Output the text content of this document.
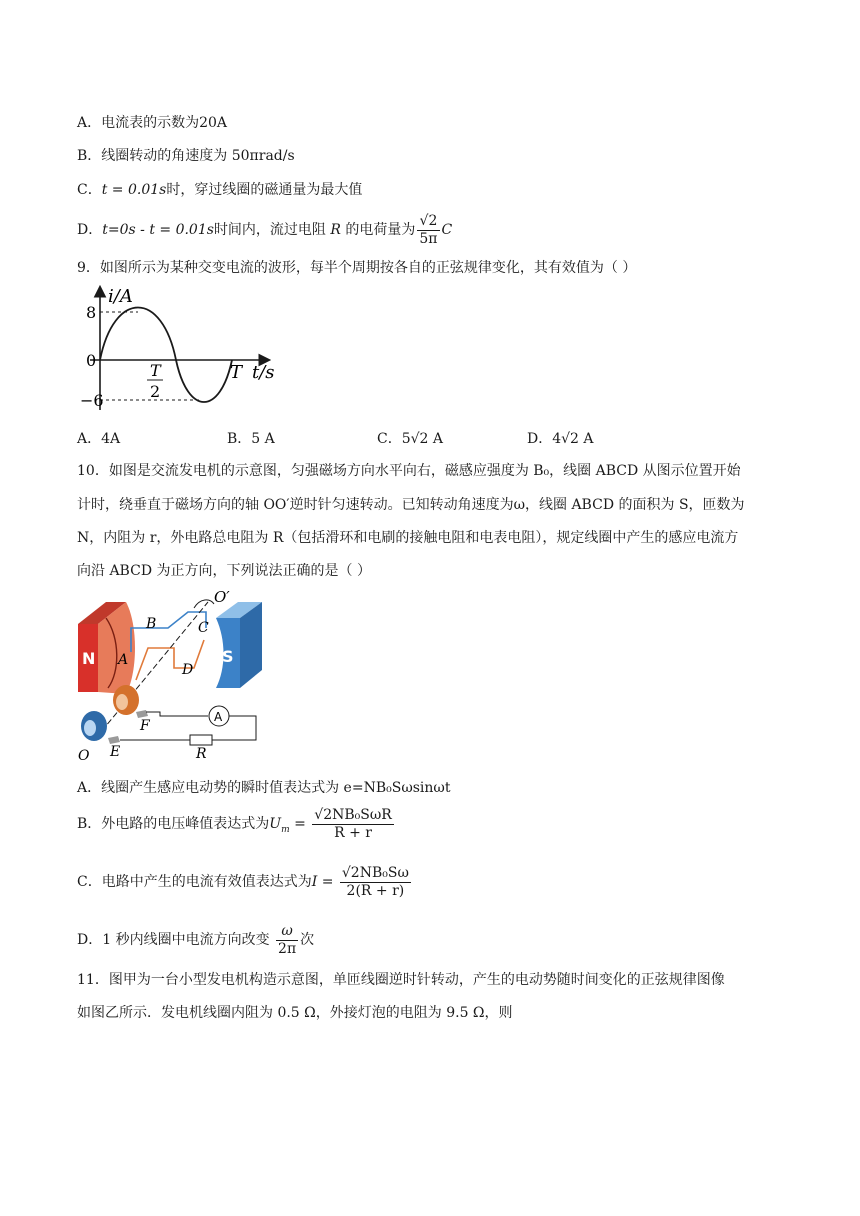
A．电流表的示数为20A
B．线圈转动的角速度为 50πrad/s
C．t = 0.01s时，穿过线圈的磁通量为最大值
D．t=0s - t = 0.01s时间内，流过电阻 R 的电荷量为 $\frac{√2}{5\pi}$ C
9．如图所示为某种交变电流的波形，每半个周期按各自的正弦规律变化，其有效值为（ ）
i/A
8
0
−6
T
2
T t/s
A．4A	B．5 A	C．5√2 A	D．4√2 A
10．如图是交流发电机的示意图，匀强磁场方向水平向右，磁感应强度为 B₀，线圈 ABCD 从图示位置开始
计时，绕垂直于磁场方向的轴 OO′逆时针匀速转动。已知转动角速度为ω，线圈 ABCD 的面积为 S，匝数为
N，内阻为 r，外电路总电阻为 R（包括滑环和电刷的接触电阻和电表电阻），规定线圈中产生的感应电流方
向沿 ABCD 为正方向，下列说法正确的是（ ）
N	S
O′
B	C
A
D
F
E
O
A
R
A．线圈产生感应电动势的瞬时值表达式为 e=NB₀Sωsinωt
B．外电路的电压峰值表达式为$U_m = \frac{\text{√2NB₀SωR}}{R + r}$
C．电路中产生的电流有效值表达式为$I = \frac{\text{√2NB₀Sω}}{2(R + r)}$
D．1 秒内线圈中电流方向改变 $\frac{\omega}{2\pi}$ 次
11．图甲为一台小型发电机构造示意图，单匝线圈逆时针转动，产生的电动势随时间变化的正弦规律图像
如图乙所示．发电机线圈内阻为 0.5 Ω，外接灯泡的电阻为 9.5 Ω，则
